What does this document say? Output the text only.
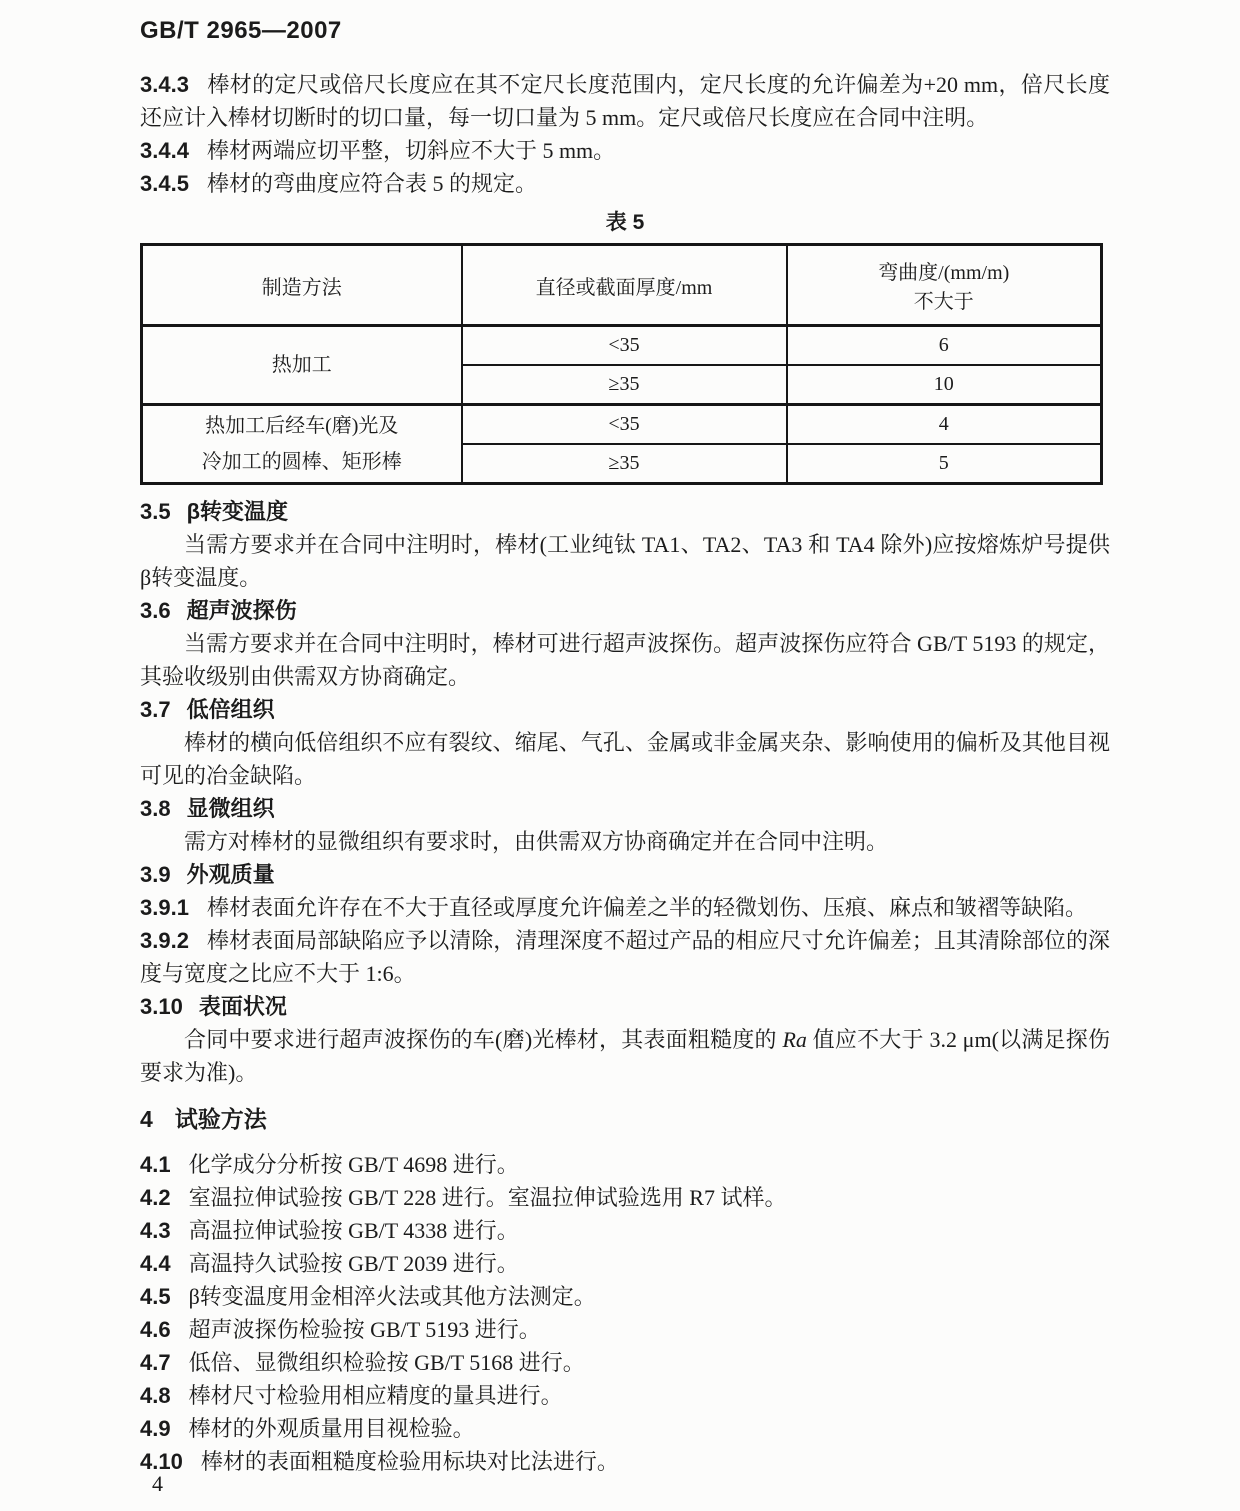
GB/T 2965—2007

3.4.3 棒材的定尺或倍尺长度应在其不定尺长度范围内，定尺长度的允许偏差为+20 mm，倍尺长度还应计入棒材切断时的切口量，每一切口量为 5 mm。定尺或倍尺长度应在合同中注明。

3.4.4 棒材两端应切平整，切斜应不大于 5 mm。

3.4.5 棒材的弯曲度应符合表 5 的规定。

表 5

制造方法	直径或截面厚度/mm	弯曲度/(mm/m)
不大于

热加工	<35	6
	≥35	10

热加工后经车(磨)光及
冷加工的圆棒、矩形棒	<35	4
	≥35	5

3.5 β转变温度

当需方要求并在合同中注明时，棒材(工业纯钛 TA1、TA2、TA3 和 TA4 除外)应按熔炼炉号提供 β转变温度。

3.6 超声波探伤

当需方要求并在合同中注明时，棒材可进行超声波探伤。超声波探伤应符合 GB/T 5193 的规定，其验收级别由供需双方协商确定。

3.7 低倍组织

棒材的横向低倍组织不应有裂纹、缩尾、气孔、金属或非金属夹杂、影响使用的偏析及其他目视可见的冶金缺陷。

3.8 显微组织

需方对棒材的显微组织有要求时，由供需双方协商确定并在合同中注明。

3.9 外观质量

3.9.1 棒材表面允许存在不大于直径或厚度允许偏差之半的轻微划伤、压痕、麻点和皱褶等缺陷。

3.9.2 棒材表面局部缺陷应予以清除，清理深度不超过产品的相应尺寸允许偏差；且其清除部位的深度与宽度之比应不大于 1:6。

3.10 表面状况

合同中要求进行超声波探伤的车(磨)光棒材，其表面粗糙度的 Ra 值应不大于 3.2 μm(以满足探伤要求为准)。

4 试验方法

4.1 化学成分分析按 GB/T 4698 进行。

4.2 室温拉伸试验按 GB/T 228 进行。室温拉伸试验选用 R7 试样。

4.3 高温拉伸试验按 GB/T 4338 进行。

4.4 高温持久试验按 GB/T 2039 进行。

4.5 β转变温度用金相淬火法或其他方法测定。

4.6 超声波探伤检验按 GB/T 5193 进行。

4.7 低倍、显微组织检验按 GB/T 5168 进行。

4.8 棒材尺寸检验用相应精度的量具进行。

4.9 棒材的外观质量用目视检验。

4.10 棒材的表面粗糙度检验用标块对比法进行。

4
